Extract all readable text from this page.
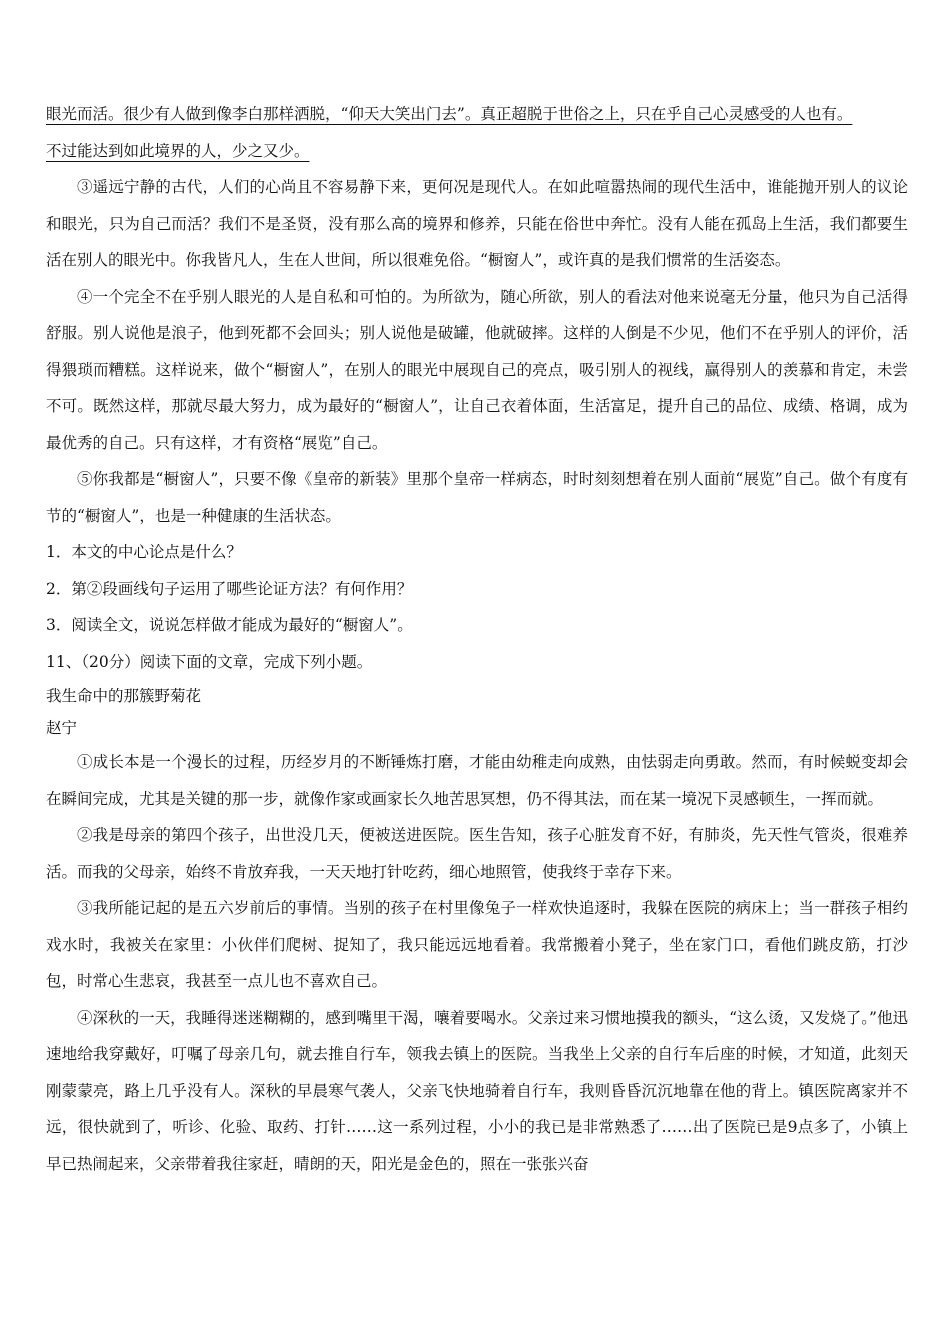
眼光而活。很少有人做到像李白那样洒脱，“仰天大笑出门去”。真正超脱于世俗之上，只在乎自己心灵感受的人也有。

不过能达到如此境界的人，少之又少。

③遥远宁静的古代，人们的心尚且不容易静下来，更何况是现代人。在如此喧嚣热闹的现代生活中，谁能抛开别人的议论和眼光，只为自己而活？我们不是圣贤，没有那么高的境界和修养，只能在俗世中奔忙。没有人能在孤岛上生活，我们都要生活在别人的眼光中。你我皆凡人，生在人世间，所以很难免俗。“橱窗人”，或许真的是我们惯常的生活姿态。

④一个完全不在乎别人眼光的人是自私和可怕的。为所欲为，随心所欲，别人的看法对他来说毫无分量，他只为自己活得舒服。别人说他是浪子，他到死都不会回头；别人说他是破罐，他就破摔。这样的人倒是不少见，他们不在乎别人的评价，活得猥琐而糟糕。这样说来，做个“橱窗人”，在别人的眼光中展现自己的亮点，吸引别人的视线，赢得别人的羡慕和肯定，未尝不可。既然这样，那就尽最大努力，成为最好的“橱窗人”，让自己衣着体面，生活富足，提升自己的品位、成绩、格调，成为最优秀的自己。只有这样，才有资格“展览”自己。

⑤你我都是“橱窗人”，只要不像《皇帝的新装》里那个皇帝一样病态，时时刻刻想着在别人面前“展览”自己。做个有度有节的“橱窗人”，也是一种健康的生活状态。

1．本文的中心论点是什么？

2．第②段画线句子运用了哪些论证方法？有何作用？

3．阅读全文，说说怎样做才能成为最好的“橱窗人”。

11、（20分）阅读下面的文章，完成下列小题。

我生命中的那簇野菊花

赵宁

①成长本是一个漫长的过程，历经岁月的不断锤炼打磨，才能由幼稚走向成熟，由怯弱走向勇敢。然而，有时候蜕变却会在瞬间完成，尤其是关键的那一步，就像作家或画家长久地苦思冥想，仍不得其法，而在某一境况下灵感顿生，一挥而就。

②我是母亲的第四个孩子，出世没几天，便被送进医院。医生告知，孩子心脏发育不好，有肺炎，先天性气管炎，很难养活。而我的父母亲，始终不肯放弃我，一天天地打针吃药，细心地照管，使我终于幸存下来。

③我所能记起的是五六岁前后的事情。当别的孩子在村里像兔子一样欢快追逐时，我躲在医院的病床上；当一群孩子相约戏水时，我被关在家里：小伙伴们爬树、捉知了，我只能远远地看着。我常搬着小凳子，坐在家门口，看他们跳皮筋，打沙包，时常心生悲哀，我甚至一点儿也不喜欢自己。

④深秋的一天，我睡得迷迷糊糊的，感到嘴里干渴，嚷着要喝水。父亲过来习惯地摸我的额头，“这么烫，又发烧了。”他迅速地给我穿戴好，叮嘱了母亲几句，就去推自行车，领我去镇上的医院。当我坐上父亲的自行车后座的时候，才知道，此刻天刚蒙蒙亮，路上几乎没有人。深秋的早晨寒气袭人，父亲飞快地骑着自行车，我则昏昏沉沉地靠在他的背上。镇医院离家并不远，很快就到了，听诊、化验、取药、打针……这一系列过程，小小的我已是非常熟悉了……出了医院已是9点多了，小镇上早已热闹起来，父亲带着我往家赶，晴朗的天，阳光是金色的，照在一张张兴奋
